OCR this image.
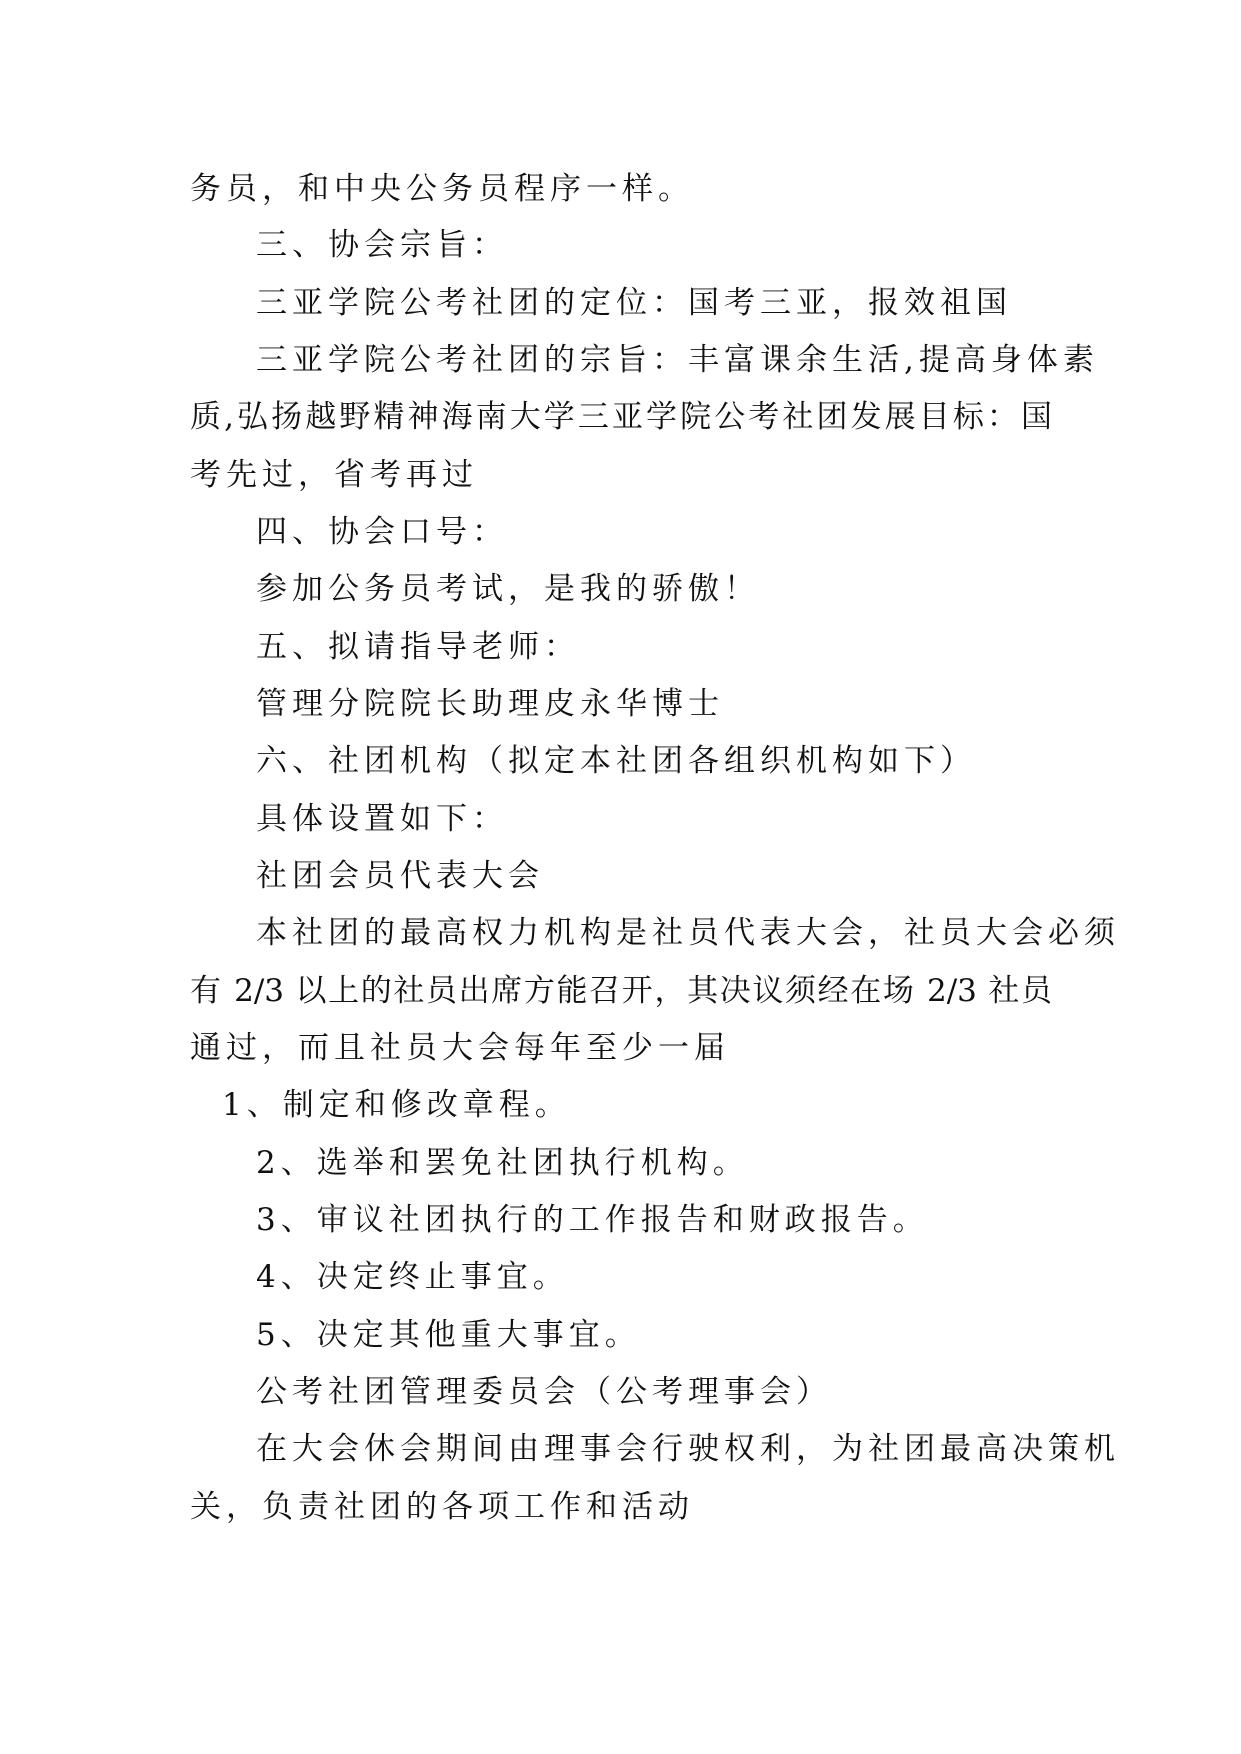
务员，和中央公务员程序一样。
三、协会宗旨：
三亚学院公考社团的定位：国考三亚，报效祖国
三亚学院公考社团的宗旨：丰富课余生活,提高身体素
质,弘扬越野精神海南大学三亚学院公考社团发展目标：国
考先过，省考再过
四、协会口号：
参加公务员考试，是我的骄傲！
五、拟请指导老师：
管理分院院长助理皮永华博士
六、社团机构（拟定本社团各组织机构如下）
具体设置如下：
社团会员代表大会
本社团的最高权力机构是社员代表大会，社员大会必须
有 2/3 以上的社员出席方能召开，其决议须经在场 2/3 社员
通过，而且社员大会每年至少一届
1、制定和修改章程。
2、选举和罢免社团执行机构。
3、审议社团执行的工作报告和财政报告。
4、决定终止事宜。
5、决定其他重大事宜。
公考社团管理委员会（公考理事会）
在大会休会期间由理事会行驶权利，为社团最高决策机
关，负责社团的各项工作和活动
